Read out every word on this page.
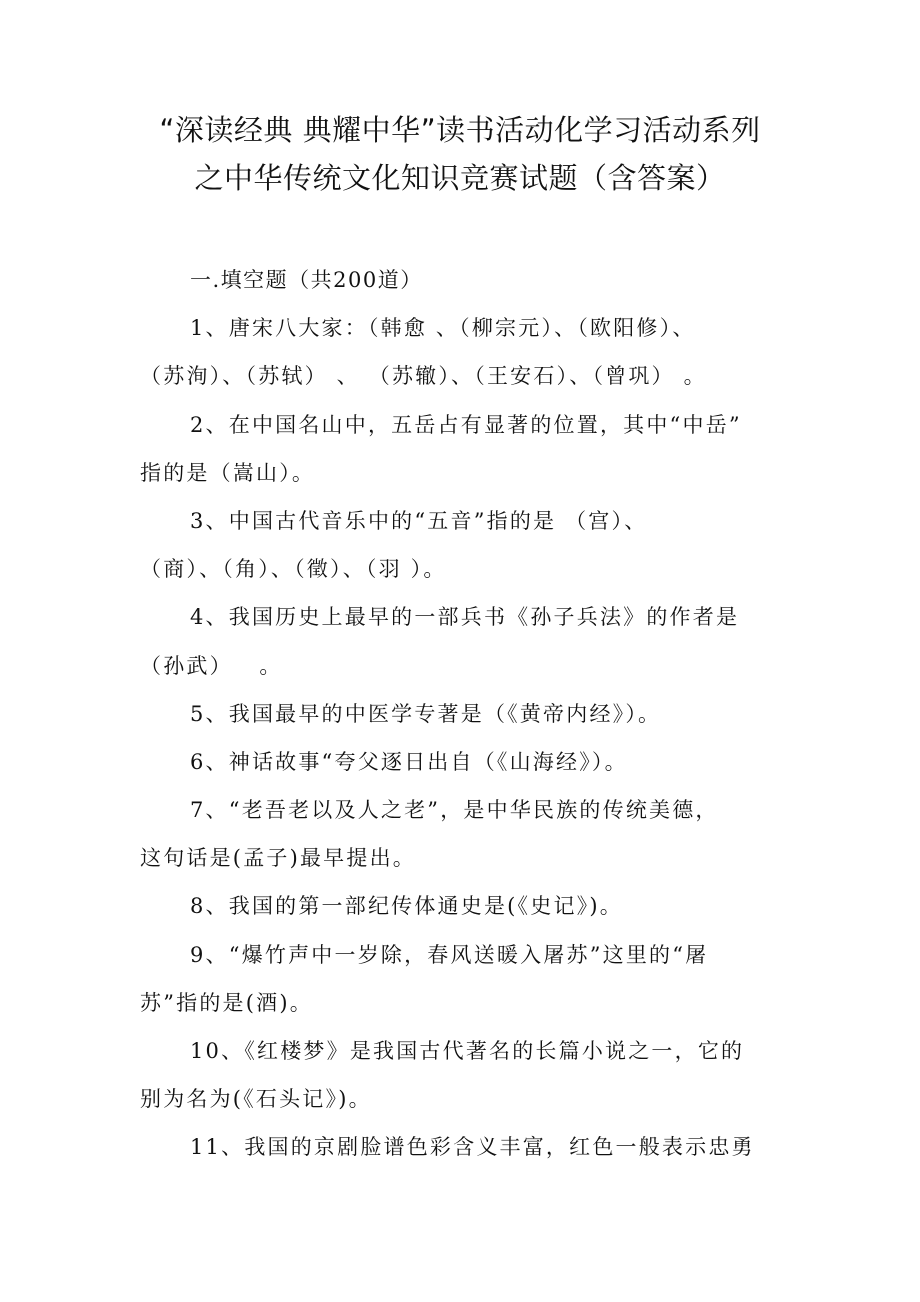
“深读经典 典耀中华”读书活动化学习活动系列
之中华传统文化知识竞赛试题（含答案）
一.填空题（共200道）
1、唐宋八大家：（韩愈 、（柳宗元）、（欧阳修）、
（苏洵）、（苏轼） 、 （苏辙）、（王安石）、（曾巩） 。
2、在中国名山中，五岳占有显著的位置，其中“中岳”
指的是（嵩山）。
3、中国古代音乐中的“五音”指的是 （宫）、
（商）、（角）、（徵）、（羽 ）。
4、我国历史上最早的一部兵书《孙子兵法》的作者是
（孙武）   。
5、我国最早的中医学专著是（《黄帝内经》）。
6、神话故事“夸父逐日出自（《山海经》）。
7、“老吾老以及人之老”，是中华民族的传统美德，
这句话是(孟子)最早提出。
8、我国的第一部纪传体通史是(《史记》)。
9、“爆竹声中一岁除，春风送暖入屠苏”这里的“屠
苏”指的是(酒)。
10、《红楼梦》是我国古代著名的长篇小说之一，它的
别为名为(《石头记》)。
11、我国的京剧脸谱色彩含义丰富，红色一般表示忠勇
